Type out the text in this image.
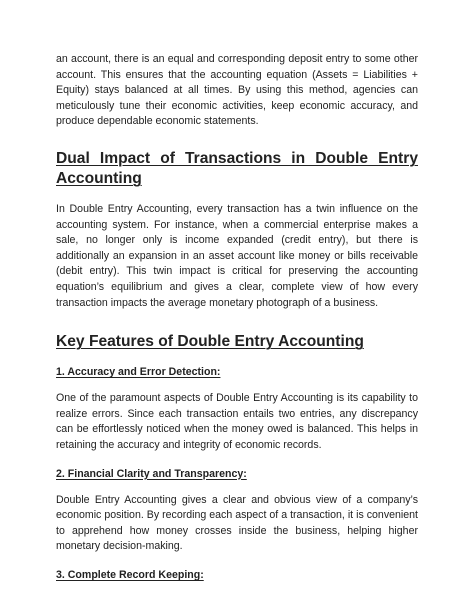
an account, there is an equal and corresponding deposit entry to some other account. This ensures that the accounting equation (Assets = Liabilities + Equity) stays balanced at all times. By using this method, agencies can meticulously tune their economic activities, keep economic accuracy, and produce dependable economic statements.

Dual Impact of Transactions in Double Entry Accounting

In Double Entry Accounting, every transaction has a twin influence on the accounting system. For instance, when a commercial enterprise makes a sale, no longer only is income expanded (credit entry), but there is additionally an expansion in an asset account like money or bills receivable (debit entry). This twin impact is critical for preserving the accounting equation’s equilibrium and gives a clear, complete view of how every transaction impacts the average monetary photograph of a business.

Key Features of Double Entry Accounting
1. Accuracy and Error Detection:

One of the paramount aspects of Double Entry Accounting is its capability to realize errors. Since each transaction entails two entries, any discrepancy can be effortlessly noticed when the money owed is balanced. This helps in retaining the accuracy and integrity of economic records.

2. Financial Clarity and Transparency:

Double Entry Accounting gives a clear and obvious view of a company’s economic position. By recording each aspect of a transaction, it is convenient to apprehend how money crosses inside the business, helping higher monetary decision-making.

3. Complete Record Keeping:
